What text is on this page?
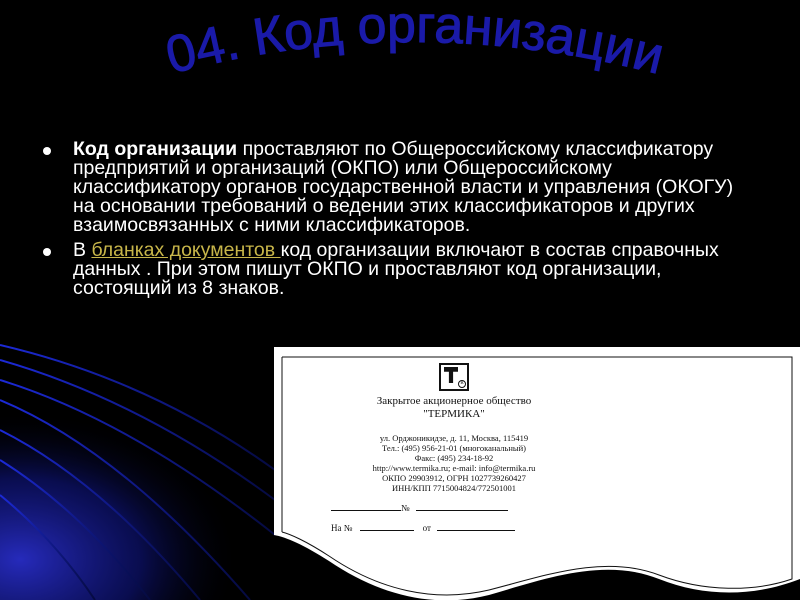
04. Код организации
Код организации проставляют по Общероссийскому классификатору предприятий и организаций (ОКПО) или Общероссийскому классификатору органов государственной власти и управления (ОКОГУ) на основании требований о ведении этих классификаторов и других взаимосвязанных с ними классификаторов.
В бланках документов код организации включают в состав справочных данных . При этом пишут ОКПО и проставляют код организации, состоящий из 8 знаков.
R
Закрытое акционерное общество
"ТЕРМИКА"
ул. Орджоникидзе, д. 11, Москва, 115419
Тел.: (495) 956-21-01 (многоканальный)
Факс: (495) 234-18-92
http://www.termika.ru; e-mail: info@termika.ru
ОКПО 29903912, ОГРН 1027739260427
ИНН/КПП 7715004824/772501001
№
На №	от
